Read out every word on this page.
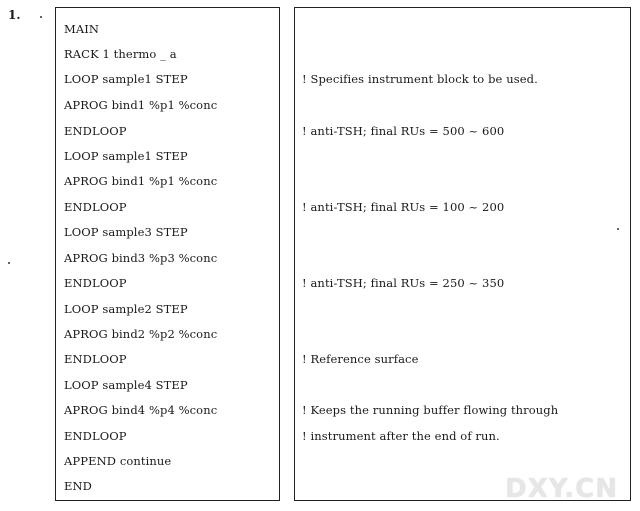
1.
MAIN
RACK 1 thermo _ a
LOOP sample1 STEP
APROG bind1 %p1 %conc
ENDLOOP
LOOP sample1 STEP
APROG bind1 %p1 %conc
ENDLOOP
LOOP sample3 STEP
APROG bind3 %p3 %conc
ENDLOOP
LOOP sample2 STEP
APROG bind2 %p2 %conc
ENDLOOP
LOOP sample4 STEP
APROG bind4 %p4 %conc
ENDLOOP
APPEND continue
END
! Specifies instrument block to be used.
! anti-TSH; final RUs = 500 ~ 600
! anti-TSH; final RUs = 100 ~ 200
! anti-TSH; final RUs = 250 ~ 350
! Reference surface
! Keeps the running buffer flowing through
! instrument after the end of run.
DXY.CN
